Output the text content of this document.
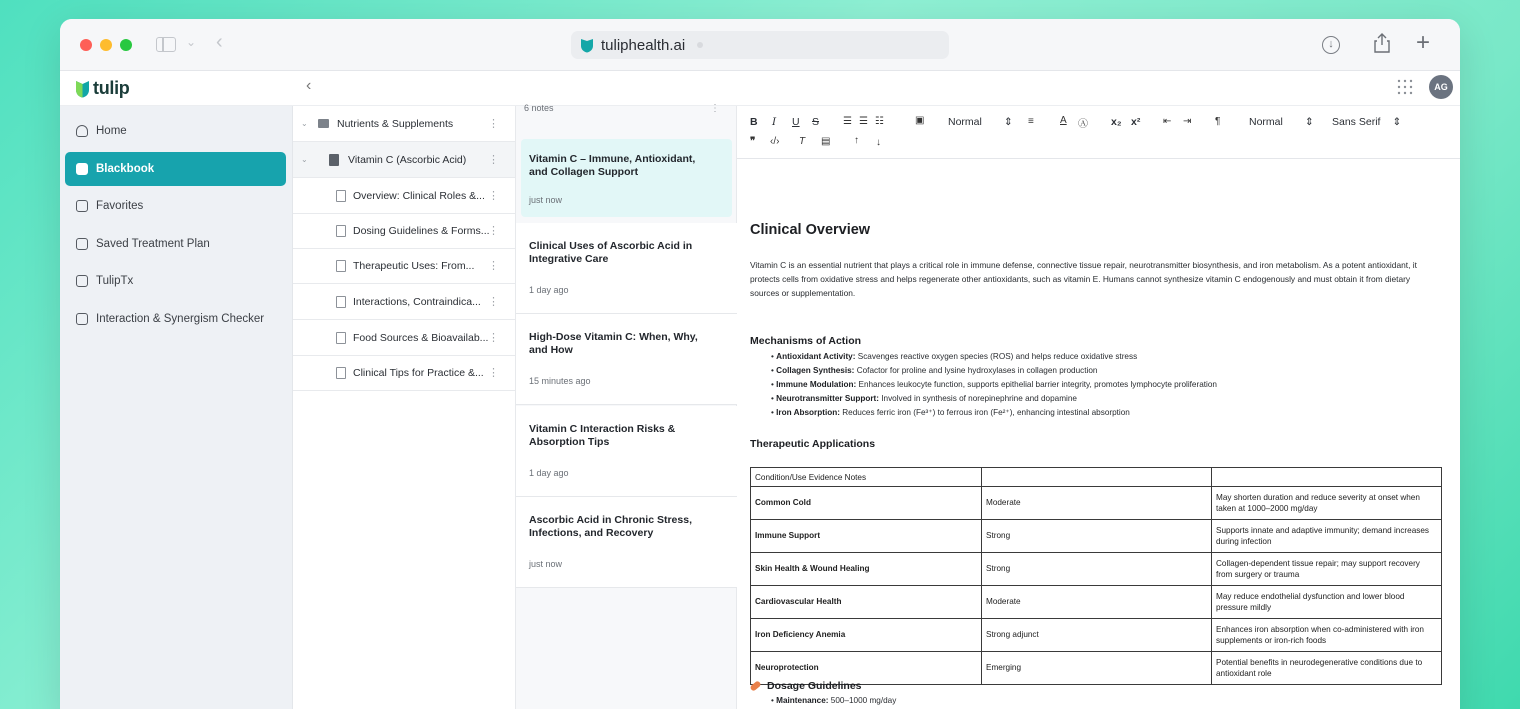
⌄ ‹	tuliphealth.ai	↓	+
tulip	‹	AG
Home
Blackbook
Favorites
Saved Treatment Plan
TulipTx
Interaction & Synergism Checker
⌄	Nutrients & Supplements	⋮
⌄	Vitamin C (Ascorbic Acid) ⋮
Overview: Clinical Roles &... ⋮
Dosing Guidelines & Forms...
⋮
Therapeutic Uses: From... ⋮
Interactions, Contraindica... ⋮
Food Sources & Bioavailab... ⋮
Clinical Tips for Practice &... ⋮
6 notes	⋮
Vitamin C – Immune, Antioxidant, and Collagen Support
just now
Clinical Uses of Ascorbic Acid in Integrative Care
1 day ago
High-Dose Vitamin C: When, Why, and How
15 minutes ago
Vitamin C Interaction Risks & Absorption Tips
1 day ago
Ascorbic Acid in Chronic Stress, Infections, and Recovery
just now
B I U S ☰ ☰ ☷	▣ Normal ⇕ ≡	A Ⓐ x₂ x² ⇤ ⇥ ¶	Normal ⇕ Sans Serif ⇕
❞ ‹/› T ▤ ↑ ↓
Clinical Overview
Vitamin C is an essential nutrient that plays a critical role in immune defense, connective tissue repair, neurotransmitter biosynthesis, and iron metabolism. As a potent antioxidant, it protects cells from oxidative stress and helps regenerate other antioxidants, such as vitamin E. Humans cannot synthesize vitamin C endogenously and must obtain it from dietary sources or supplementation.
Mechanisms of Action
• Antioxidant Activity: Scavenges reactive oxygen species (ROS) and helps reduce oxidative stress
• Collagen Synthesis: Cofactor for proline and lysine hydroxylases in collagen production
• Immune Modulation: Enhances leukocyte function, supports epithelial barrier integrity, promotes lymphocyte proliferation
• Neurotransmitter Support: Involved in synthesis of norepinephrine and dopamine
• Iron Absorption: Reduces ferric iron (Fe³⁺) to ferrous iron (Fe²⁺), enhancing intestinal absorption
Therapeutic Applications
Condition/Use Evidence Notes		
Common Cold	Moderate	May shorten duration and reduce severity at onset when taken at 1000–2000 mg/day
Immune Support	Strong	Supports innate and adaptive immunity; demand increases during infection
Skin Health & Wound Healing	Strong	Collagen-dependent tissue repair; may support recovery from surgery or trauma
Cardiovascular Health	Moderate	May reduce endothelial dysfunction and lower blood pressure mildly
Iron Deficiency Anemia	Strong adjunct	Enhances iron absorption when co-administered with iron supplements or iron-rich foods
Neuroprotection	Emerging	Potential benefits in neurodegenerative conditions due to antioxidant role
Dosage Guidelines
• Maintenance: 500–1000 mg/day
